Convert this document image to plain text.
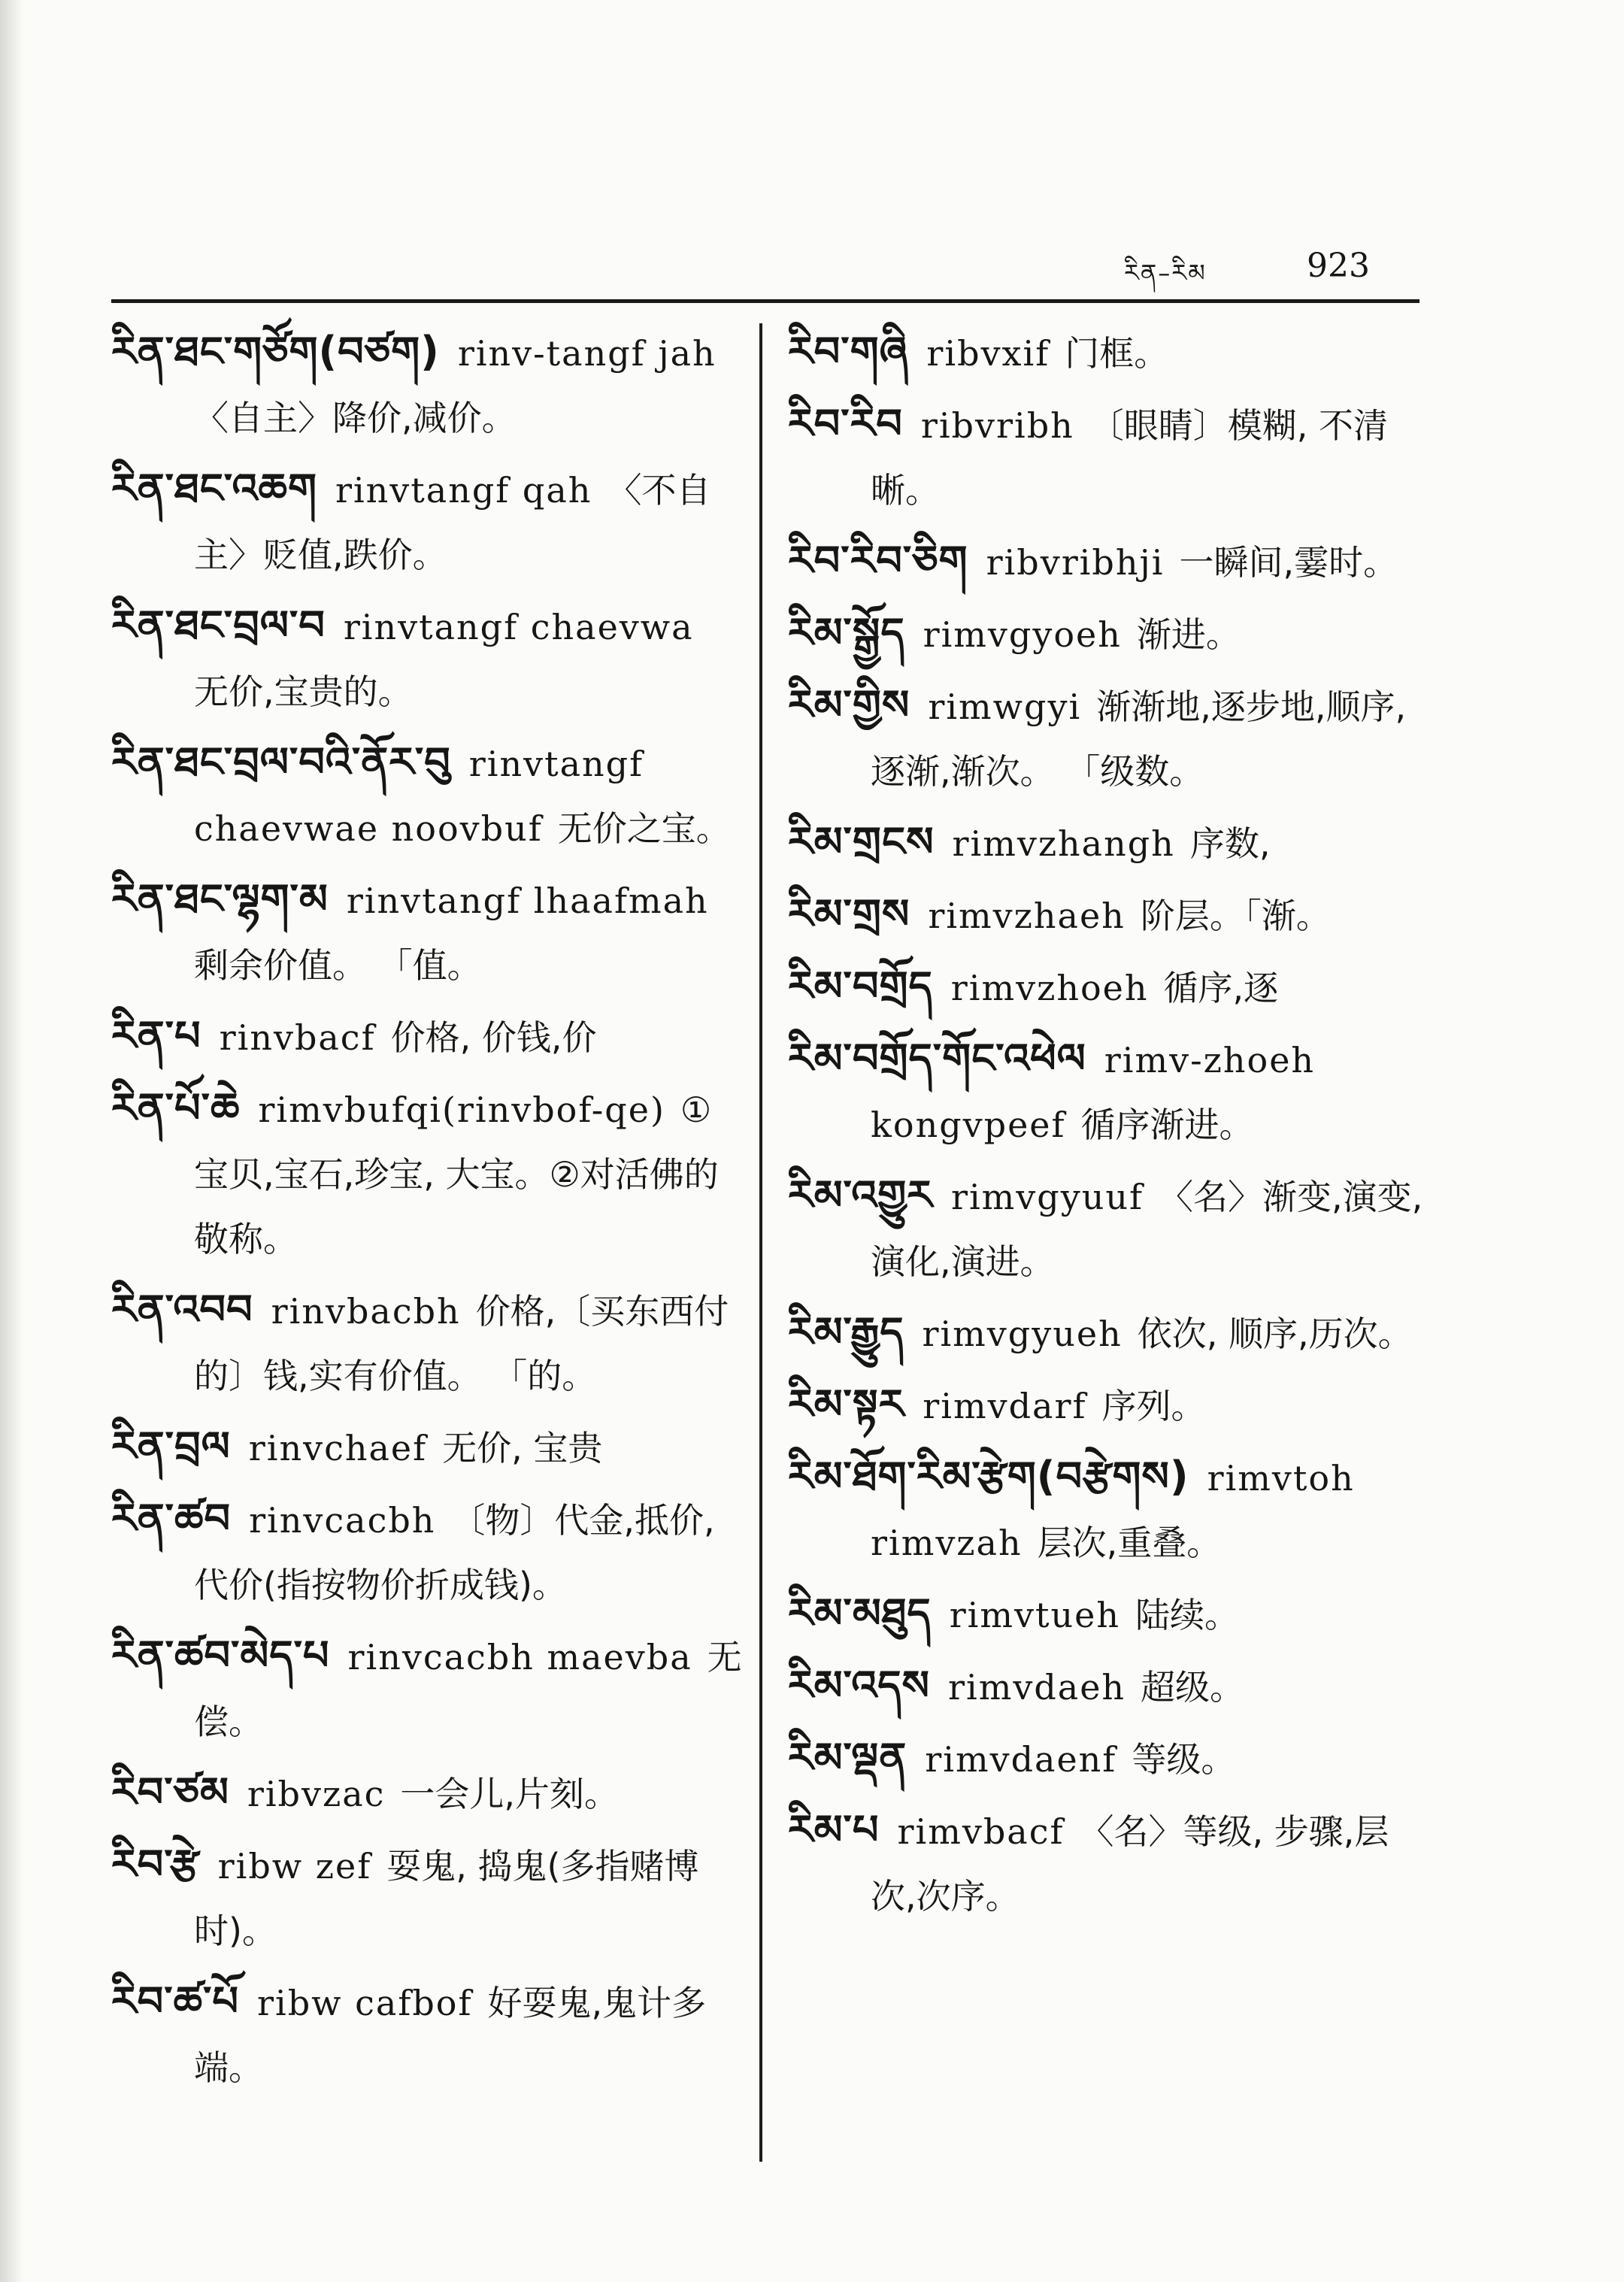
རིན–རིམ	923

རིན་ཐང་གཙོག(བཙག) rinv-tangf jah〈自主〉降价,减价。

རིན་ཐང་འཆག rinvtangf qah 〈不自主〉贬值,跌价。

རིན་ཐང་བྲལ་བ rinvtangf chaevwa无价,宝贵的。

རིན་ཐང་བྲལ་བའི་ནོར་བུ rinvtangf chaevwae noovbuf 无价之宝。

རིན་ཐང་ལྷག་མ rinvtangf lhaafmah剩余价值。 「值。

རིན་པ rinvbacf 价格, 价钱,价

རིན་པོ་ཆེ rimvbufqi(rinvbof-qe) ①宝贝,宝石,珍宝, 大宝。②对活佛的敬称。

རིན་འབབ rinvbacbh 价格,〔买东西付的〕钱,实有价值。 「的。

རིན་བྲལ rinvchaef 无价, 宝贵

རིན་ཚབ rinvcacbh 〔物〕代金,抵价,代价(指按物价折成钱)。

རིན་ཚབ་མེད་པ rinvcacbh maevba 无偿。

རིབ་ཙམ ribvzac 一会儿,片刻。

རིབ་རྩེ ribw zef 耍鬼, 捣鬼(多指赌博时)。

རིབ་ཚ་པོ ribw cafbof 好耍鬼,鬼计多端。

རིབ་གཞི ribvxif 门框。

རིབ་རིབ ribvribh 〔眼睛〕模糊, 不清晰。

རིབ་རིབ་ཅིག ribvribhji 一瞬间,霎时。

རིམ་སྒྱོད rimvgyoeh 渐进。

རིམ་གྱིས rimwgyi 渐渐地,逐步地,顺序,逐渐,渐次。 「级数。

རིམ་གྲངས rimvzhangh 序数,

རིམ་གྲས rimvzhaeh 阶层。「渐。

རིམ་བགྲོད rimvzhoeh 循序,逐

རིམ་བགྲོད་གོང་འཕེལ rimv-zhoeh kongvpeef 循序渐进。

རིམ་འགྱུར rimvgyuuf 〈名〉渐变,演变,演化,演进。

རིམ་རྒྱུད rimvgyueh 依次, 顺序,历次。

རིམ་སྟར rimvdarf 序列。

རིམ་ཐོག་རིམ་རྩེག(བརྩེགས) rimvtoh rimvzah 层次,重叠。

རིམ་མཐུད rimvtueh 陆续。

རིམ་འདས rimvdaeh 超级。

རིམ་ལྡན rimvdaenf 等级。

རིམ་པ rimvbacf 〈名〉等级, 步骤,层次,次序。
